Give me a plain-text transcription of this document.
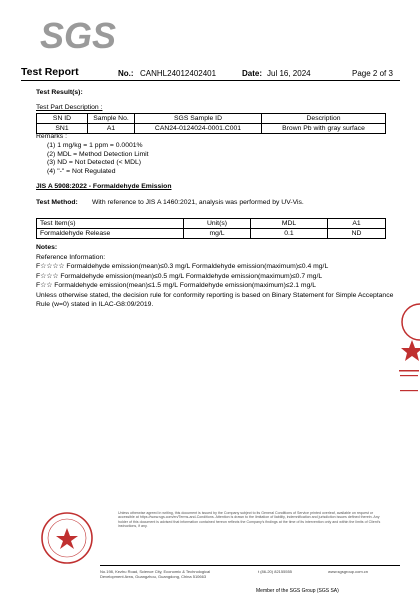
SGS
Test Report	No.: CANHL24012402401	Date: Jul 16, 2024	Page 2 of 3
Test Result(s):
Test Part Description :
SN ID	Sample No.	SGS Sample ID	Description
SN1	A1	CAN24-0124024-0001.C001	Brown Pb with gray surface
Remarks :
(1) 1 mg/kg = 1 ppm = 0.0001%
(2) MDL = Method Detection Limit
(3) ND = Not Detected (< MDL)
(4) "-" = Not Regulated
JIS A 5908:2022 - Formaldehyde Emission
Test Method: With reference to JIS A 1460:2021, analysis was performed by UV-Vis.
Test Item(s)	Unit(s)	MDL	A1
Formaldehyde Release	mg/L	0.1	ND
Notes:
Reference Information:
F☆☆☆☆ Formaldehyde emission(mean)≤0.3 mg/L Formaldehyde emission(maximum)≤0.4 mg/L
F☆☆☆ Formaldehyde emission(mean)≤0.5 mg/L Formaldehyde emission(maximum)≤0.7 mg/L
F☆☆ Formaldehyde emission(mean)≤1.5 mg/L Formaldehyde emission(maximum)≤2.1 mg/L
Unless otherwise stated, the decision rule for conformity reporting is based on Binary Statement for Simple Acceptance Rule (w=0) stated in ILAC-G8:09/2019.
Unless otherwise agreed in writing, this document is issued by the Company subject to its General Conditions of Service printed overleaf, available on request or accessible at https://www.sgs.com/en/Terms-and-Conditions. Attention is drawn to the limitation of liability, indemnification and jurisdiction issues defined therein. Any holder of this document is advised that information contained hereon reflects the Company's findings at the time of its intervention only and within the limits of Client's instructions, if any.
No.198, Kezhu Road, Science City, Economic & Technological Development Area, Guangzhou, Guangdong, China 510663
t (86-20) 82155555	www.sgsgroup.com.cn
Member of the SGS Group (SGS SA)
